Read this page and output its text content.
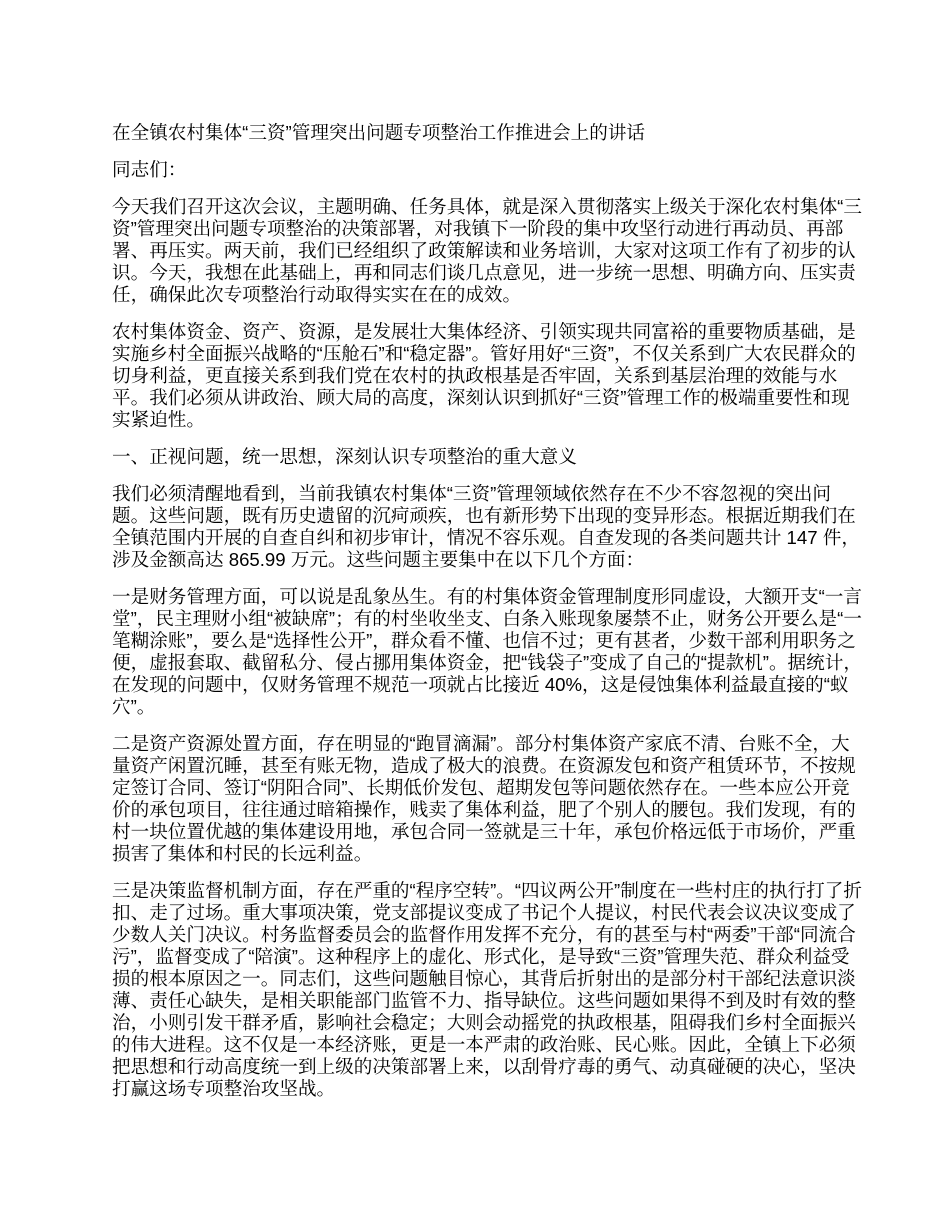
在全镇农村集体“三资”管理突出问题专项整治工作推进会上的讲话

同志们：

今天我们召开这次会议，主题明确、任务具体，就是深入贯彻落实上级关于深化农村集体“三资”管理突出问题专项整治的决策部署，对我镇下一阶段的集中攻坚行动进行再动员、再部署、再压实。两天前，我们已经组织了政策解读和业务培训，大家对这项工作有了初步的认识。今天，我想在此基础上，再和同志们谈几点意见，进一步统一思想、明确方向、压实责任，确保此次专项整治行动取得实实在在的成效。

农村集体资金、资产、资源，是发展壮大集体经济、引领实现共同富裕的重要物质基础，是实施乡村全面振兴战略的“压舱石”和“稳定器”。管好用好“三资”，不仅关系到广大农民群众的切身利益，更直接关系到我们党在农村的执政根基是否牢固，关系到基层治理的效能与水平。我们必须从讲政治、顾大局的高度，深刻认识到抓好“三资”管理工作的极端重要性和现实紧迫性。

一、正视问题，统一思想，深刻认识专项整治的重大意义

我们必须清醒地看到，当前我镇农村集体“三资”管理领域依然存在不少不容忽视的突出问题。这些问题，既有历史遗留的沉疴顽疾，也有新形势下出现的变异形态。根据近期我们在全镇范围内开展的自查自纠和初步审计，情况不容乐观。自查发现的各类问题共计 147 件，涉及金额高达 865.99 万元。这些问题主要集中在以下几个方面：

一是财务管理方面，可以说是乱象丛生。有的村集体资金管理制度形同虚设，大额开支“一言堂”，民主理财小组“被缺席”；有的村坐收坐支、白条入账现象屡禁不止，财务公开要么是“一笔糊涂账”，要么是“选择性公开”，群众看不懂、也信不过；更有甚者，少数干部利用职务之便，虚报套取、截留私分、侵占挪用集体资金，把“钱袋子”变成了自己的“提款机”。据统计，在发现的问题中，仅财务管理不规范一项就占比接近 40%，这是侵蚀集体利益最直接的“蚁穴”。

二是资产资源处置方面，存在明显的“跑冒滴漏”。部分村集体资产家底不清、台账不全，大量资产闲置沉睡，甚至有账无物，造成了极大的浪费。在资源发包和资产租赁环节，不按规定签订合同、签订“阴阳合同”、长期低价发包、超期发包等问题依然存在。一些本应公开竞价的承包项目，往往通过暗箱操作，贱卖了集体利益，肥了个别人的腰包。我们发现，有的村一块位置优越的集体建设用地，承包合同一签就是三十年，承包价格远低于市场价，严重损害了集体和村民的长远利益。

三是决策监督机制方面，存在严重的“程序空转”。“四议两公开”制度在一些村庄的执行打了折扣、走了过场。重大事项决策，党支部提议变成了书记个人提议，村民代表会议决议变成了少数人关门决议。村务监督委员会的监督作用发挥不充分，有的甚至与村“两委”干部“同流合污”，监督变成了“陪演”。这种程序上的虚化、形式化，是导致“三资”管理失范、群众利益受损的根本原因之一。同志们，这些问题触目惊心，其背后折射出的是部分村干部纪法意识淡薄、责任心缺失，是相关职能部门监管不力、指导缺位。这些问题如果得不到及时有效的整治，小则引发干群矛盾，影响社会稳定；大则会动摇党的执政根基，阻碍我们乡村全面振兴的伟大进程。这不仅是一本经济账，更是一本严肃的政治账、民心账。因此，全镇上下必须把思想和行动高度统一到上级的决策部署上来，以刮骨疗毒的勇气、动真碰硬的决心，坚决打赢这场专项整治攻坚战。
